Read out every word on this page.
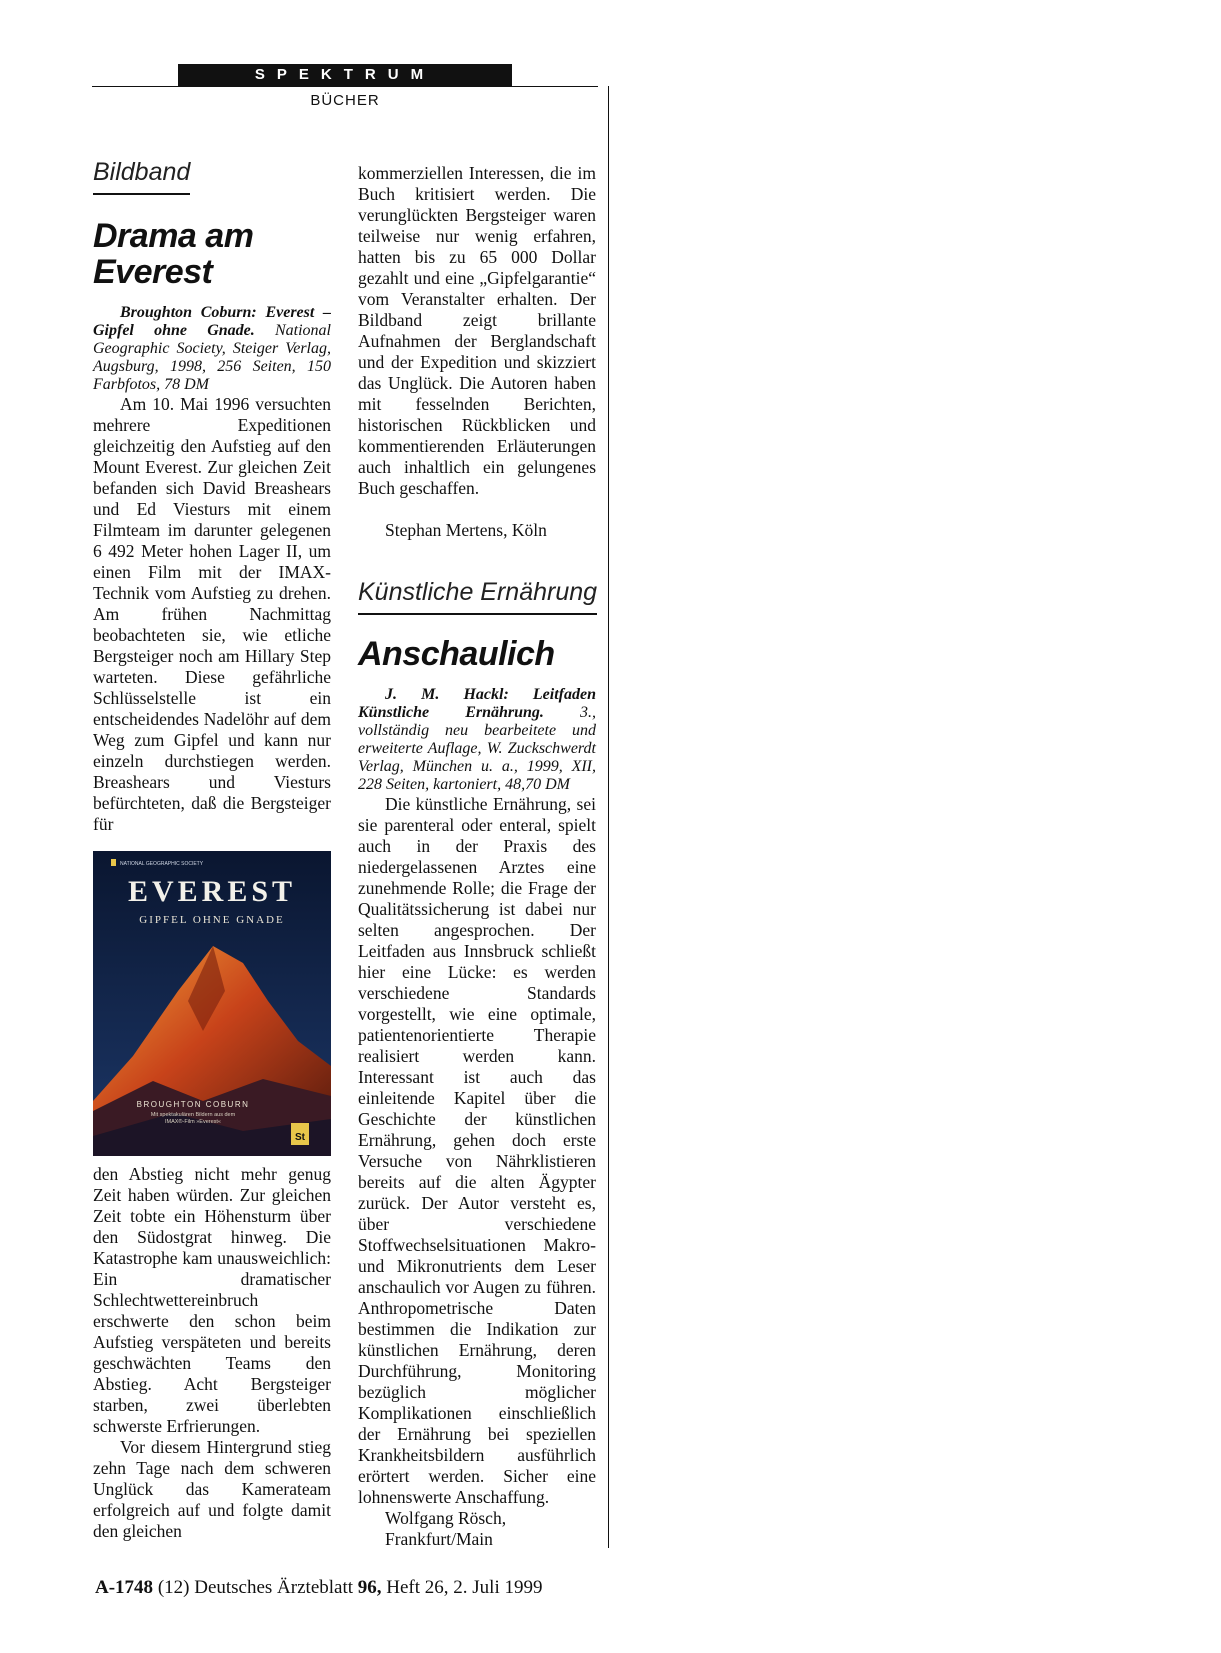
SPEKTRUM
BÜCHER
Bildband
Drama am
Everest
Broughton Coburn: Everest – Gipfel ohne Gnade. National Geographic Society, Steiger Verlag, Augsburg, 1998, 256 Seiten, 150 Farbfotos, 78 DM

Am 10. Mai 1996 versuchten mehrere Expeditionen gleichzeitig den Aufstieg auf den Mount Everest. Zur gleichen Zeit befanden sich David Breashears und Ed Viesturs mit einem Filmteam im darunter gelegenen 6 492 Meter hohen Lager II, um einen Film mit der IMAX-Technik vom Aufstieg zu drehen. Am frühen Nachmittag beobachteten sie, wie etliche Bergsteiger noch am Hillary Step warteten. Diese gefährliche Schlüsselstelle ist ein entscheidendes Nadelöhr auf dem Weg zum Gipfel und kann nur einzeln durchstiegen werden. Breashears und Viesturs befürchteten, daß die Bergsteiger für

St
NATIONAL GEOGRAPHIC SOCIETY
EVEREST
GIPFEL OHNE GNADE
BROUGHTON COBURN
Mit spektakulären Bildern aus dem
IMAX®-Film »Everest«

den Abstieg nicht mehr genug Zeit haben würden. Zur gleichen Zeit tobte ein Höhensturm über den Südostgrat hinweg. Die Katastrophe kam unausweichlich: Ein dramatischer Schlechtwettereinbruch erschwerte den schon beim Aufstieg verspäteten und bereits geschwächten Teams den Abstieg. Acht Bergsteiger starben, zwei überlebten schwerste Erfrierungen.

Vor diesem Hintergrund stieg zehn Tage nach dem schweren Unglück das Kamerateam erfolgreich auf und folgte damit den gleichen

kommerziellen Interessen, die im Buch kritisiert werden. Die verunglückten Bergsteiger waren teilweise nur wenig erfahren, hatten bis zu 65 000 Dollar gezahlt und eine „Gipfelgarantie“ vom Veranstalter erhalten. Der Bildband zeigt brillante Aufnahmen der Berglandschaft und der Expedition und skizziert das Unglück. Die Autoren haben mit fesselnden Berichten, historischen Rückblicken und kommentierenden Erläuterungen auch inhaltlich ein gelungenes Buch geschaffen.

Stephan Mertens, Köln
Künstliche Ernährung
Anschaulich
J. M. Hackl: Leitfaden Künstliche Ernährung. 3., vollständig neu bearbeitete und erweiterte Auflage, W. Zuckschwerdt Verlag, München u. a., 1999, XII, 228 Seiten, kartoniert, 48,70 DM

Die künstliche Ernährung, sei sie parenteral oder enteral, spielt auch in der Praxis des niedergelassenen Arztes eine zunehmende Rolle; die Frage der Qualitätssicherung ist dabei nur selten angesprochen. Der Leitfaden aus Innsbruck schließt hier eine Lücke: es werden verschiedene Standards vorgestellt, wie eine optimale, patientenorientierte Therapie realisiert werden kann. Interessant ist auch das einleitende Kapitel über die Geschichte der künstlichen Ernährung, gehen doch erste Versuche von Nährklistieren bereits auf die alten Ägypter zurück. Der Autor versteht es, über verschiedene Stoffwechselsituationen Makro- und Mikronutrients dem Leser anschaulich vor Augen zu führen. Anthropometrische Daten bestimmen die Indikation zur künstlichen Ernährung, deren Durchführung, Monitoring bezüglich möglicher Komplikationen einschließlich der Ernährung bei speziellen Krankheitsbildern ausführlich erörtert werden. Sicher eine lohnenswerte Anschaffung.

Wolfgang Rösch,
Frankfurt/Main
A-1748 (12) Deutsches Ärzteblatt 96, Heft 26, 2. Juli 1999
